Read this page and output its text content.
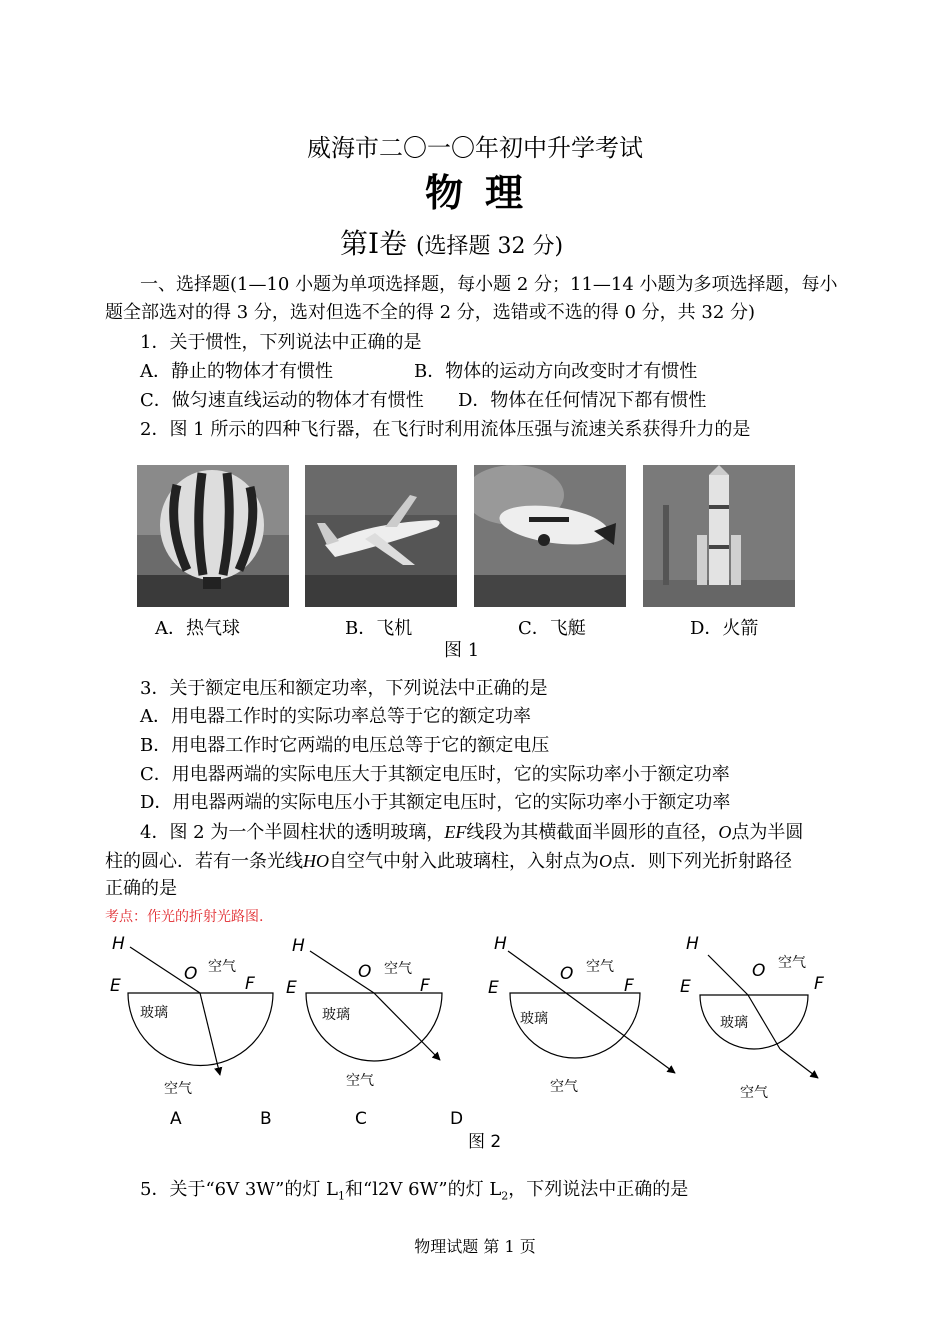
威海市二〇一〇年初中升学考试
物理
第Ⅰ卷 (选择题 32 分)
一、选择题(1—10 小题为单项选择题，每小题 2 分；11—14 小题为多项选择题，每小
题全部选对的得 3 分，选对但选不全的得 2 分，选错或不选的得 0 分，共 32 分)
1．关于惯性，下列说法中正确的是
A．静止的物体才有惯性	B．物体的运动方向改变时才有惯性
C．做匀速直线运动的物体才有惯性 D．物体在任何情况下都有惯性
2．图 1 所示的四种飞行器，在飞行时利用流体压强与流速关系获得升力的是
A．热气球	B．飞机	C．飞艇	D．火箭
图 1
3．关于额定电压和额定功率，下列说法中正确的是
A．用电器工作时的实际功率总等于它的额定功率
B．用电器工作时它两端的电压总等于它的额定电压
C．用电器两端的实际电压大于其额定电压时，它的实际功率小于额定功率
D．用电器两端的实际电压小于其额定电压时，它的实际功率小于额定功率
4．图 2 为一个半圆柱状的透明玻璃，EF线段为其横截面半圆形的直径，O点为半圆
柱的圆心．若有一条光线HO自空气中射入此玻璃柱，入射点为O点．则下列光折射路径
正确的是
考点：作光的折射光路图.
H
O
E	F
H
O
E	F
H
O
E	F
H
O
E	F
空气
玻璃
空气
空气
玻璃
空气
空气
玻璃
空气
空气
玻璃
空气
A	B	C	D
图 2
5．关于“6V 3W”的灯 $L_1$和“l2V 6W”的灯 $L_2$，下列说法中正确的是
物理试题 第 1 页
